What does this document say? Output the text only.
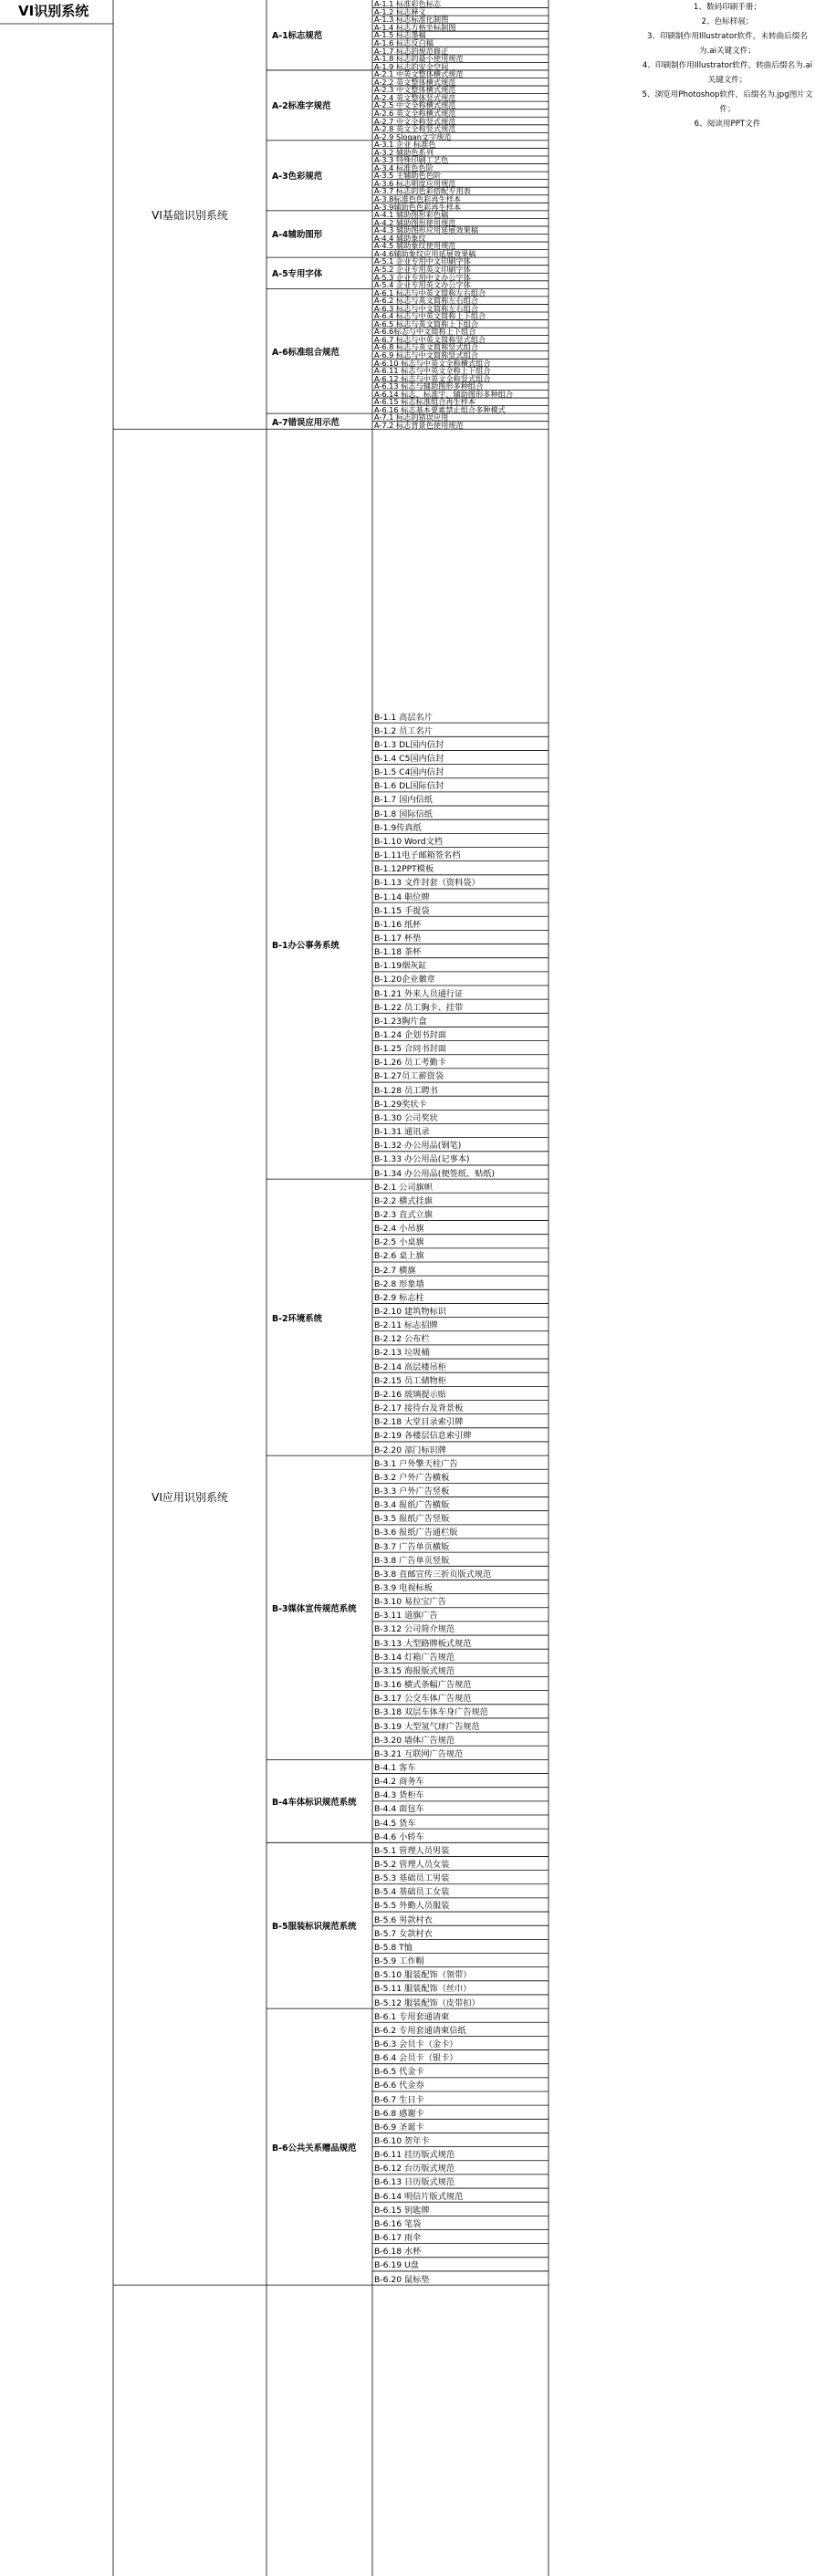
VI识别系统	1、数码印刷手册；
2、色标样展；
3、印刷制作用Illustrator软件，未转曲后缀名为.ai关键文件；
4、印刷制作用Illustrator软件，转曲后缀名为.ai关键文件；
5、浏览用Photoshop软件，后缀名为.jpg图片文件；
6、阅读用PPT文件
A-1.1 标准彩色标志
A-1.2 标志释义
A-1.3 标志标准化制图
A-1.4 标志方格坐标制图
A-1.5 标志墨稿
A-1.6 标志反白稿
A-1.7 标志的规范修正
A-1.8 标志的最小使用规范
A-1.9 标志的安全空间
A-1标志规范
A-2.1 中英文整体横式规范
A-2.2 英文整体横式规范
A-2.3 中文整体横式规范
A-2.4 英文整体竖式规范
A-2.5 中文全称横式规范
A-2.6 英文全称横式规范
A-2.7 中文全称竖式规范
A-2.8 英文全称竖式规范
A-2.9 Slogan文字规范
A-2标准字规范
A-3.1 企业 标准色
A-3.2 辅助色系列
A-3.3 特殊印刷工艺色
A-3.4 标准色色阶
A-3.5 主辅助色色阶
A-3.6 标志明度应用规范
A-3.7 标志的色彩搭配专用表
A-3.8标准色色彩再生样本
A-3.9辅助色色彩再生样本
A-3色彩规范
A-4.1 辅助图形彩色稿
A-4.2 辅助图形使用规范
A-4.3 辅助图形应用延展效果稿
A-4.4 辅助象纹
A-4.5 辅助象纹使用规范
A-4.6辅助象纹应用延展效果稿
A-4辅助图形
A-5.1 企业专用中文印刷字体
A-5.2 企业专用英文印刷字体
A-5.3 企业专用中文办公字体
A-5.4 企业专用英文办公字体
A-5专用字体
A-6.1 标志与中英文简称左右组合
A-6.2 标志与英文简称左右组合
A-6.3 标志与中文简称左右组合
A-6.4 标志与中英文简称上下组合
A-6.5 标志与英文简称上下组合
A-6.6标志与中文简称上下组合
A-6.7 标志与中英文简称竖式组合
A-6.8 标志与英文简称竖式组合
A-6.9 标志与中文简称竖式组合
A-6.10 标志与中英文全称横式组合
A-6.11 标志与中英文全称上下组合
A-6.12 标志与中英文全称竖式组合
A-6.13 标志与辅助图形多种组合
A-6.14 标志、标准字、辅助图形多种组合
A-6.15 标志标准组合再生样本
A-6.16 标志基本要素禁止组合多种模式
A-6标准组合规范
A-7.1 标志的错误应用
A-7.2 标志背景色使用规范
A-7错误应用示范
VI基础识别系统
B-1.1 高层名片
B-1.2 员工名片
B-1.3 DL国内信封
B-1.4 C5国内信封
B-1.5 C4国内信封
B-1.6 DL国际信封
B-1.7 国内信纸
B-1.8 国际信纸
B-1.9传真纸
B-1.10 Word文档
B-1.11电子邮箱签名档
B-1.12PPT模板
B-1.13 文件封套（资料袋）
B-1.14 职位牌
B-1.15 手提袋
B-1.16 纸杯
B-1.17 杯垫
B-1.18 茶杯
B-1.19烟灰缸
B-1.20企业徽章
B-1.21 外来人员通行证
B-1.22 员工胸卡、挂带
B-1.23胸片盒
B-1.24 企划书封面
B-1.25 合同书封面
B-1.26 员工考勤卡
B-1.27员工薪资袋
B-1.28 员工聘书
B-1.29奖状卡
B-1.30 公司奖状
B-1.31 通讯录
B-1.32 办公用品(钢笔)
B-1.33 办公用品(记事本)
B-1.34 办公用品(便签纸、贴纸)
B-1办公事务系统
B-2.1 公司旗帜
B-2.2 横式挂旗
B-2.3 直式立旗
B-2.4 小吊旗
B-2.5 小桌旗
B-2.6 桌上旗
B-2.7 横旗
B-2.8 形象墙
B-2.9 标志柱
B-2.10 建筑物标识
B-2.11 标志招牌
B-2.12 公布栏
B-2.13 垃圾桶
B-2.14 高层楼吊柜
B-2.15 员工储物柜
B-2.16 玻璃提示贴
B-2.17 接待台及背景板
B-2.18 大堂目录索引牌
B-2.19 各楼层信息索引牌
B-2.20 部门标识牌
B-2环境系统
B-3.1 户外擎天柱广告
B-3.2 户外广告横板
B-3.3 户外广告竖板
B-3.4 报纸广告横版
B-3.5 报纸广告竖版
B-3.6 报纸广告通栏版
B-3.7 广告单页横版
B-3.8 广告单页竖版
B-3.8 直邮宣传三折页版式规范
B-3.9 电视标板
B-3.10 易拉宝广告
B-3.11 道旗广告
B-3.12 公司简介规范
B-3.13 大型路牌板式规范
B-3.14 灯箱广告规范
B-3.15 海报版式规范
B-3.16 横式条幅广告规范
B-3.17 公交车体广告规范
B-3.18 双层车体车身广告规范
B-3.19 大型氢气球广告规范
B-3.20 墙体广告规范
B-3.21 互联网广告规范
B-3媒体宣传规范系统
B-4.1 客车
B-4.2 商务车
B-4.3 货柜车
B-4.4 面包车
B-4.5 货车
B-4.6 小轿车
B-4车体标识规范系统
B-5.1 管理人员男装
B-5.2 管理人员女装
B-5.3 基础员工男装
B-5.4 基础员工女装
B-5.5 外勤人员服装
B-5.6 男款村衣
B-5.7 女款村衣
B-5.8 T恤
B-5.9 工作帽
B-5.10 服装配饰（领带）
B-5.11 服装配饰（丝巾）
B-5.12 服装配饰（皮带扣）
B-5服装标识规范系统
B-6.1 专用套通请柬
B-6.2 专用套通请柬信纸
B-6.3 会员卡（金卡）
B-6.4 会员卡（银卡）
B-6.5 代金卡
B-6.6 代金券
B-6.7 生日卡
B-6.8 感谢卡
B-6.9 圣诞卡
B-6.10 贺年卡
B-6.11 挂历版式规范
B-6.12 台历版式规范
B-6.13 日历版式规范
B-6.14 明信片版式规范
B-6.15 钥匙牌
B-6.16 笔袋
B-6.17 雨伞
B-6.18 水杯
B-6.19 U盘
B-6.20 鼠标垫
B-6公共关系赠品规范
VI应用识别系统
